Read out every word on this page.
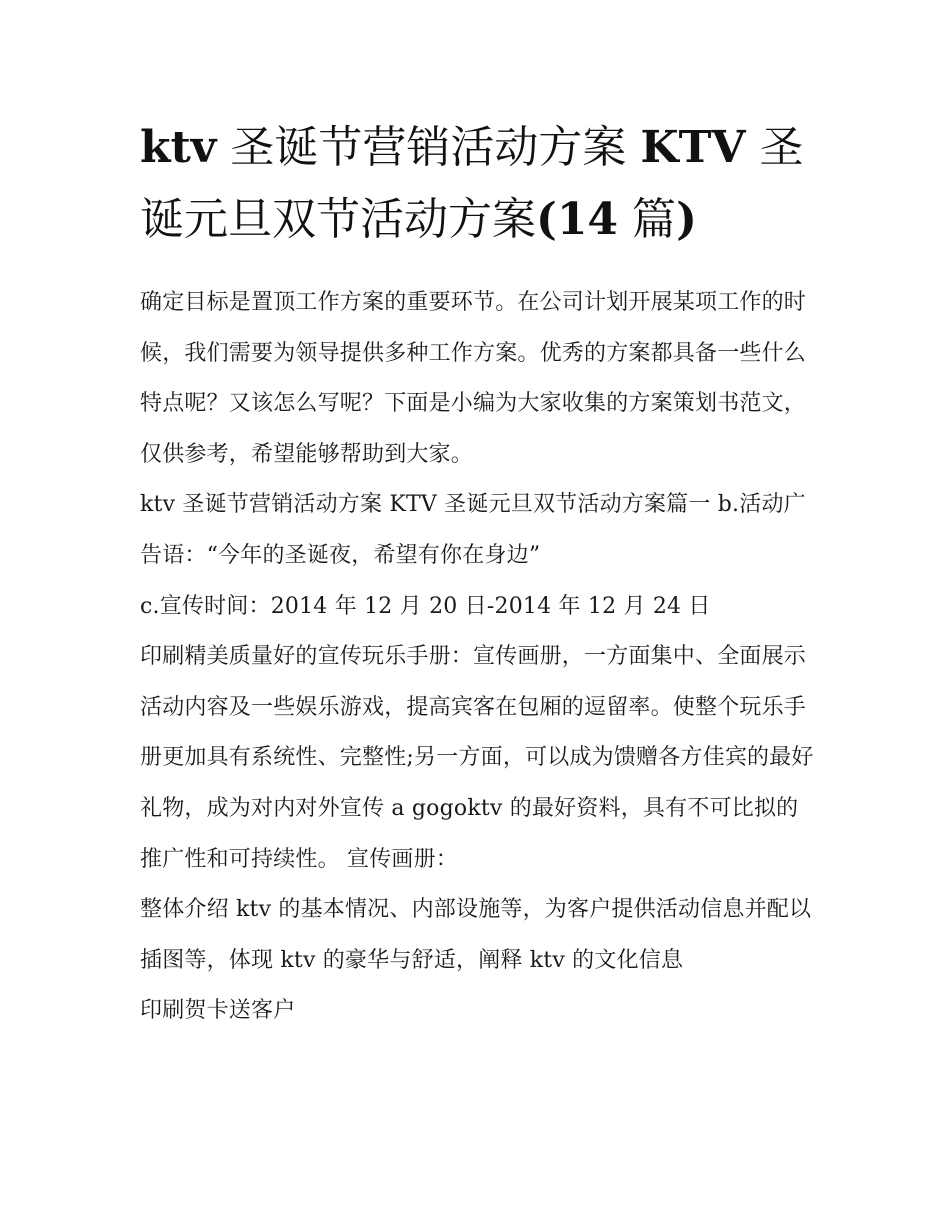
ktv 圣诞节营销活动方案 KTV 圣诞元旦双节活动方案(14 篇)

确定目标是置顶工作方案的重要环节。在公司计划开展某项工作的时候，我们需要为领导提供多种工作方案。优秀的方案都具备一些什么特点呢？又该怎么写呢？下面是小编为大家收集的方案策划书范文，仅供参考，希望能够帮助到大家。

ktv 圣诞节营销活动方案 KTV 圣诞元旦双节活动方案篇一 b.活动广告语：“今年的圣诞夜，希望有你在身边”

c.宣传时间：2014 年 12 月 20 日-2014 年 12 月 24 日

印刷精美质量好的宣传玩乐手册：宣传画册，一方面集中、全面展示活动内容及一些娱乐游戏，提高宾客在包厢的逗留率。使整个玩乐手册更加具有系统性、完整性;另一方面，可以成为馈赠各方佳宾的最好礼物，成为对内对外宣传 a gogoktv 的最好资料，具有不可比拟的推广性和可持续性。 宣传画册：

整体介绍 ktv 的基本情况、内部设施等，为客户提供活动信息并配以插图等，体现 ktv 的豪华与舒适，阐释 ktv 的文化信息

印刷贺卡送客户
